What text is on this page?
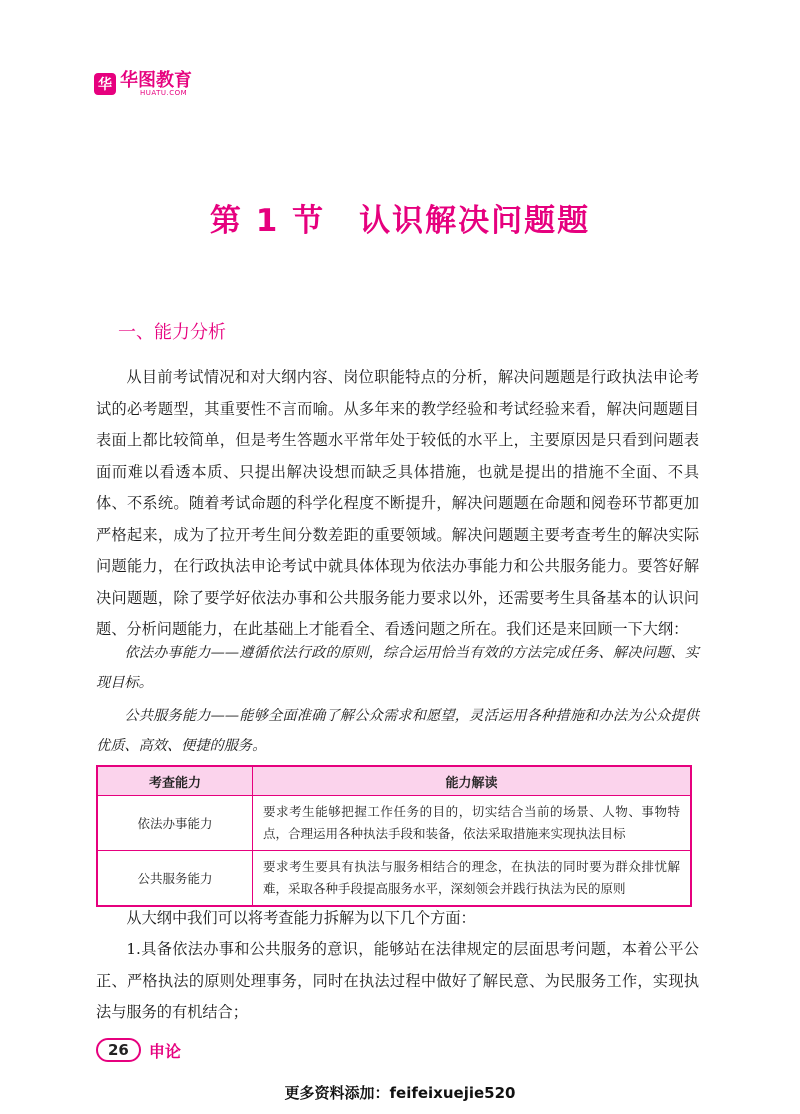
华 华图教育
HUATU.COM
第 1 节 认识解决问题题
一、能力分析

从目前考试情况和对大纲内容、岗位职能特点的分析，解决问题题是行政执法申论考试的必考题型，其重要性不言而喻。从多年来的教学经验和考试经验来看，解决问题题目表面上都比较简单，但是考生答题水平常年处于较低的水平上，主要原因是只看到问题表面而难以看透本质、只提出解决设想而缺乏具体措施，也就是提出的措施不全面、不具体、不系统。随着考试命题的科学化程度不断提升，解决问题题在命题和阅卷环节都更加严格起来，成为了拉开考生间分数差距的重要领域。解决问题题主要考查考生的解决实际问题能力，在行政执法申论考试中就具体体现为依法办事能力和公共服务能力。要答好解决问题题，除了要学好依法办事和公共服务能力要求以外，还需要考生具备基本的认识问题、分析问题能力，在此基础上才能看全、看透问题之所在。我们还是来回顾一下大纲：

依法办事能力——遵循依法行政的原则，综合运用恰当有效的方法完成任务、解决问题、实现目标。

公共服务能力——能够全面准确了解公众需求和愿望，灵活运用各种措施和办法为公众提供优质、高效、便捷的服务。

考查能力	能力解读
依法办事能力	要求考生能够把握工作任务的目的，切实结合当前的场景、人物、事物特点，合理运用各种执法手段和装备，依法采取措施来实现执法目标
公共服务能力	要求考生要具有执法与服务相结合的理念，在执法的同时要为群众排忧解难，采取各种手段提高服务水平，深刻领会并践行执法为民的原则

从大纲中我们可以将考查能力拆解为以下几个方面：

1.具备依法办事和公共服务的意识，能够站在法律规定的层面思考问题，本着公平公正、严格执法的原则处理事务，同时在执法过程中做好了解民意、为民服务工作，实现执法与服务的有机结合；

26	申论
更多资料添加：feifeixuejie520
